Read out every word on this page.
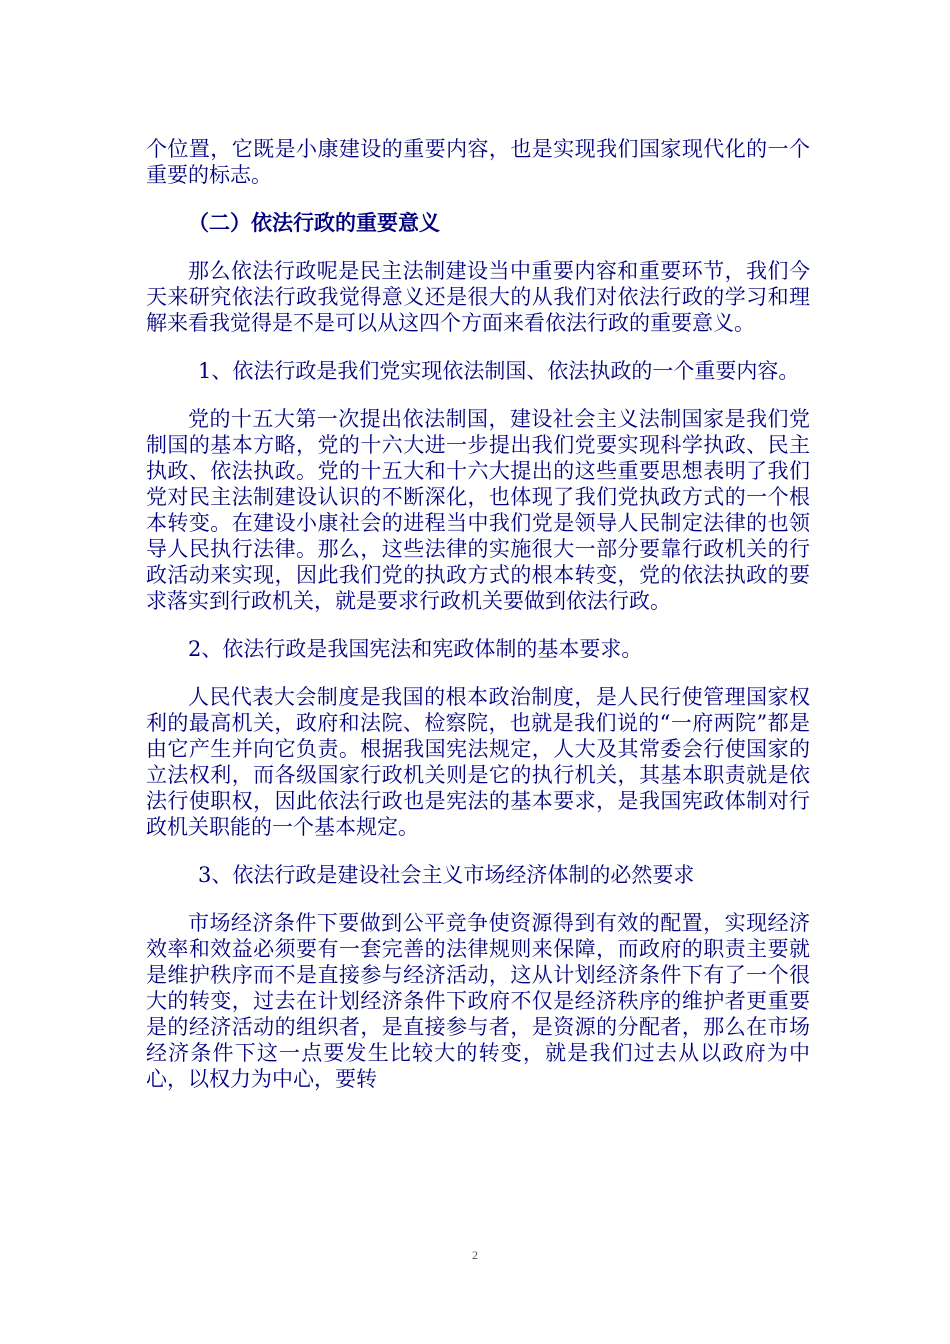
个位置，它既是小康建设的重要内容，也是实现我们国家现代化的一个重要的标志。

（二）依法行政的重要意义

那么依法行政呢是民主法制建设当中重要内容和重要环节，我们今天来研究依法行政我觉得意义还是很大的从我们对依法行政的学习和理解来看我觉得是不是可以从这四个方面来看依法行政的重要意义。

1、依法行政是我们党实现依法制国、依法执政的一个重要内容。

党的十五大第一次提出依法制国，建设社会主义法制国家是我们党制国的基本方略，党的十六大进一步提出我们党要实现科学执政、民主执政、依法执政。党的十五大和十六大提出的这些重要思想表明了我们党对民主法制建设认识的不断深化，也体现了我们党执政方式的一个根本转变。在建设小康社会的进程当中我们党是领导人民制定法律的也领导人民执行法律。那么，这些法律的实施很大一部分要靠行政机关的行政活动来实现，因此我们党的执政方式的根本转变，党的依法执政的要求落实到行政机关，就是要求行政机关要做到依法行政。

2、依法行政是我国宪法和宪政体制的基本要求。

人民代表大会制度是我国的根本政治制度，是人民行使管理国家权利的最高机关，政府和法院、检察院，也就是我们说的“一府两院”都是由它产生并向它负责。根据我国宪法规定，人大及其常委会行使国家的立法权利，而各级国家行政机关则是它的执行机关，其基本职责就是依法行使职权，因此依法行政也是宪法的基本要求，是我国宪政体制对行政机关职能的一个基本规定。

3、依法行政是建设社会主义市场经济体制的必然要求

市场经济条件下要做到公平竞争使资源得到有效的配置，实现经济效率和效益必须要有一套完善的法律规则来保障，而政府的职责主要就是维护秩序而不是直接参与经济活动，这从计划经济条件下有了一个很大的转变，过去在计划经济条件下政府不仅是经济秩序的维护者更重要是的经济活动的组织者，是直接参与者，是资源的分配者，那么在市场经济条件下这一点要发生比较大的转变，就是我们过去从以政府为中心，以权力为中心，要转

2
